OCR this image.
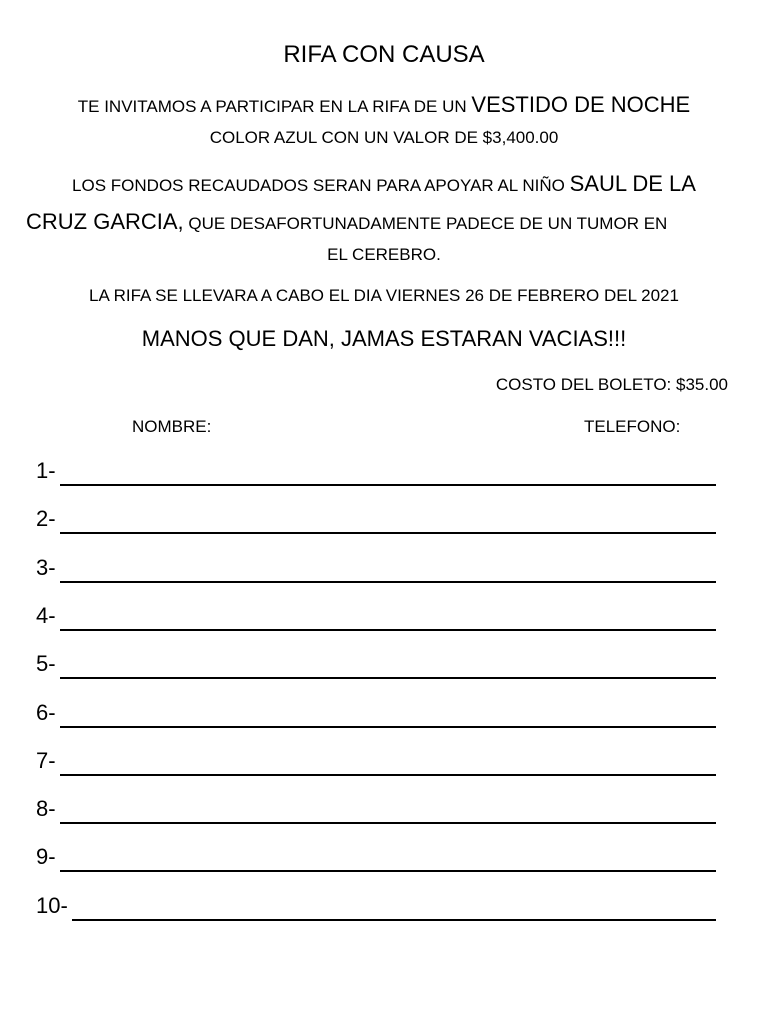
RIFA CON CAUSA
TE INVITAMOS A PARTICIPAR EN LA RIFA DE UN VESTIDO DE NOCHE
COLOR AZUL CON UN VALOR DE $3,400.00
LOS FONDOS RECAUDADOS SERAN PARA APOYAR AL NIÑO SAUL DE LA
CRUZ GARCIA, QUE DESAFORTUNADAMENTE PADECE DE UN TUMOR EN
EL CEREBRO.
LA RIFA SE LLEVARA A CABO EL DIA VIERNES 26 DE FEBRERO DEL 2021
MANOS QUE DAN, JAMAS ESTARAN VACIAS!!!
COSTO DEL BOLETO: $35.00
NOMBRE:	TELEFONO:
1-
2-
3-
4-
5-
6-
7-
8-
9-
10-
